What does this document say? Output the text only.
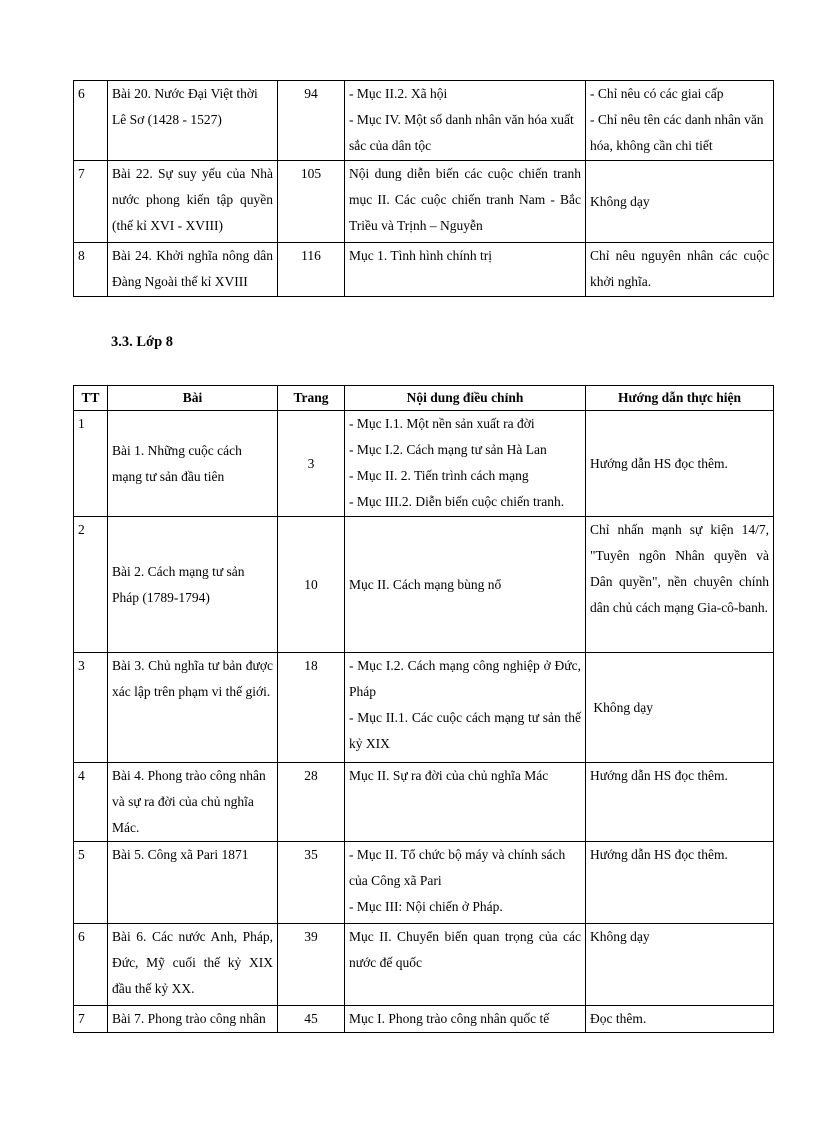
6	Bài 20. Nước Đại Việt thời Lê Sơ (1428 - 1527)	94	- Mục II.2. Xã hội
- Mục IV. Một số danh nhân văn hóa xuất sắc của dân tộc	- Chỉ nêu có các giai cấp
- Chỉ nêu tên các danh nhân văn hóa, không cần chi tiết

7	Bài 22. Sự suy yếu của Nhà nước phong kiến tập quyền (thế kỉ XVI - XVIII)	105	Nội dung diễn biến các cuộc chiến tranh mục II. Các cuộc chiến tranh Nam - Bắc Triều và Trịnh – Nguyễn	Không dạy
8	Bài 24. Khởi nghĩa nông dân Đàng Ngoài thế kỉ XVIII	116	Mục 1. Tình hình chính trị	Chỉ nêu nguyên nhân các cuộc khởi nghĩa.
3.3. Lớp 8
TT	Bài	Trang	Nội dung điều chỉnh	Hướng dẫn thực hiện
1	Bài 1. Những cuộc cách mạng tư sản đầu tiên	3	- Mục I.1. Một nền sản xuất ra đời
- Mục I.2. Cách mạng tư sản Hà Lan
- Mục II. 2. Tiến trình cách mạng
- Mục III.2. Diễn biến cuộc chiến tranh.	Hướng dẫn HS đọc thêm.
2	Bài 2. Cách mạng tư sản Pháp (1789-1794)	10	Mục II. Cách mạng bùng nổ	Chỉ nhấn mạnh sự kiện 14/7, "Tuyên ngôn Nhân quyền và Dân quyền", nền chuyên chính dân chủ cách mạng Gia-cô-banh.
3	Bài 3. Chủ nghĩa tư bản được xác lập trên phạm vi thế giới.	18	- Mục I.2. Cách mạng công nghiệp ở Đức, Pháp
- Mục II.1. Các cuộc cách mạng tư sản thế kỷ XIX	Không dạy
4	Bài 4. Phong trào công nhân và sự ra đời của chủ nghĩa Mác.	28	Mục II. Sự ra đời của chủ nghĩa Mác	Hướng dẫn HS đọc thêm.
5	Bài 5. Công xã Pari 1871	35	- Mục II. Tổ chức bộ máy và chính sách của Công xã Pari
- Mục III: Nội chiến ở Pháp.	Hướng dẫn HS đọc thêm.
6	Bài 6. Các nước Anh, Pháp, Đức, Mỹ cuối thế kỷ XIX đầu thế kỷ XX.	39	Mục II. Chuyển biến quan trọng của các nước đế quốc	Không dạy
7	Bài 7. Phong trào công nhân	45	Mục I. Phong trào công nhân quốc tế	Đọc thêm.
